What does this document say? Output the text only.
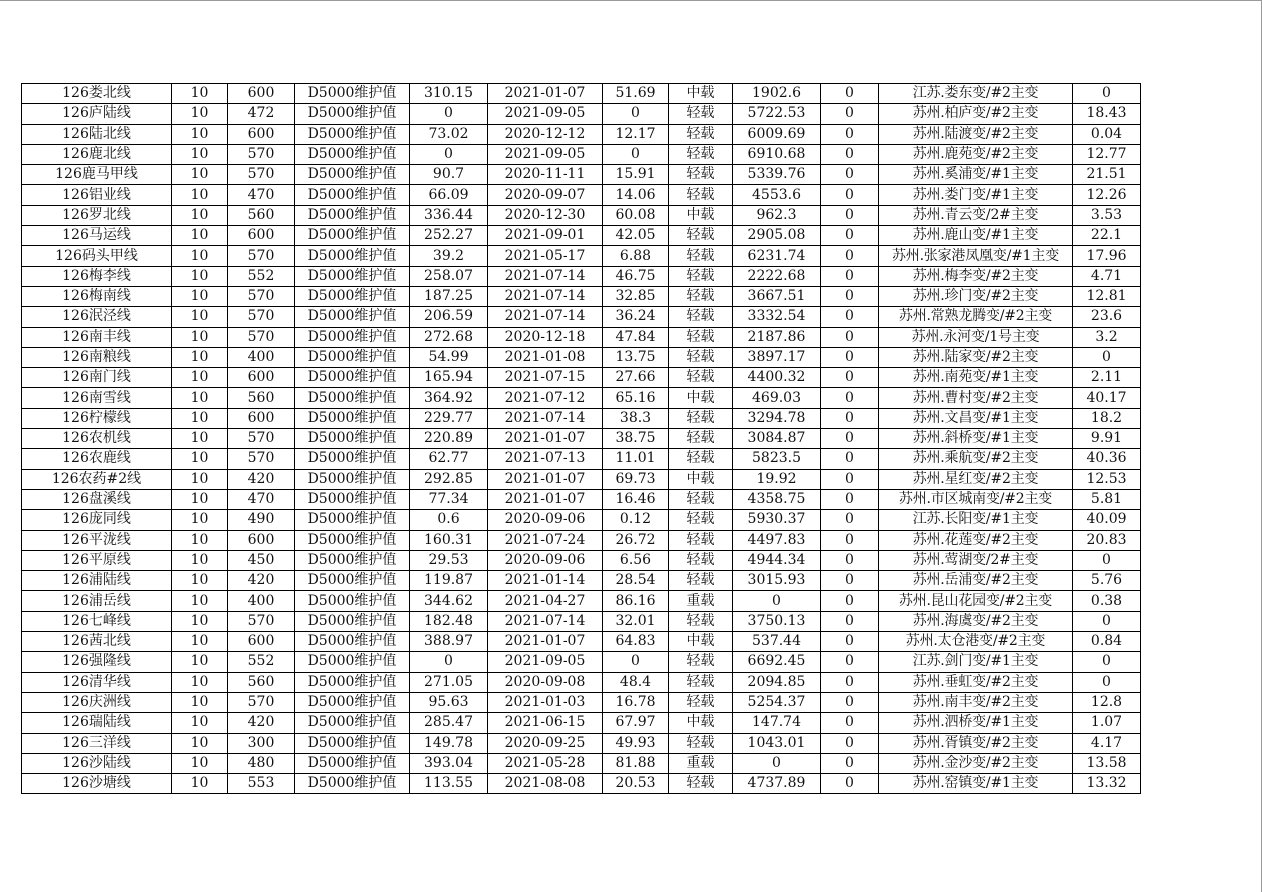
126娄北线	10	600	D5000维护值	310.15	2021-01-07	51.69	中载	1902.6	0	江苏.娄东变/#2主变	0
126庐陆线	10	472	D5000维护值	0	2021-09-05	0	轻载	5722.53	0	苏州.柏庐变/#2主变	18.43
126陆北线	10	600	D5000维护值	73.02	2020-12-12	12.17	轻载	6009.69	0	苏州.陆渡变/#2主变	0.04
126鹿北线	10	570	D5000维护值	0	2021-09-05	0	轻载	6910.68	0	苏州.鹿苑变/#2主变	12.77
126鹿马甲线	10	570	D5000维护值	90.7	2020-11-11	15.91	轻载	5339.76	0	苏州.奚浦变/#1主变	21.51
126铝业线	10	470	D5000维护值	66.09	2020-09-07	14.06	轻载	4553.6	0	苏州.娄门变/#1主变	12.26
126罗北线	10	560	D5000维护值	336.44	2020-12-30	60.08	中载	962.3	0	苏州.青云变/2#主变	3.53
126马运线	10	600	D5000维护值	252.27	2021-09-01	42.05	轻载	2905.08	0	苏州.鹿山变/#1主变	22.1
126码头甲线	10	570	D5000维护值	39.2	2021-05-17	6.88	轻载	6231.74	0	苏州.张家港凤凰变/#1主变	17.96
126梅李线	10	552	D5000维护值	258.07	2021-07-14	46.75	轻载	2222.68	0	苏州.梅李变/#2主变	4.71
126梅南线	10	570	D5000维护值	187.25	2021-07-14	32.85	轻载	3667.51	0	苏州.珍门变/#2主变	12.81
126泯泾线	10	570	D5000维护值	206.59	2021-07-14	36.24	轻载	3332.54	0	苏州.常熟龙腾变/#2主变	23.6
126南丰线	10	570	D5000维护值	272.68	2020-12-18	47.84	轻载	2187.86	0	苏州.永河变/1号主变	3.2
126南粮线	10	400	D5000维护值	54.99	2021-01-08	13.75	轻载	3897.17	0	苏州.陆家变/#2主变	0
126南门线	10	600	D5000维护值	165.94	2021-07-15	27.66	轻载	4400.32	0	苏州.南苑变/#1主变	2.11
126南雪线	10	560	D5000维护值	364.92	2021-07-12	65.16	中载	469.03	0	苏州.曹村变/#2主变	40.17
126柠檬线	10	600	D5000维护值	229.77	2021-07-14	38.3	轻载	3294.78	0	苏州.文昌变/#1主变	18.2
126农机线	10	570	D5000维护值	220.89	2021-01-07	38.75	轻载	3084.87	0	苏州.斜桥变/#1主变	9.91
126农鹿线	10	570	D5000维护值	62.77	2021-07-13	11.01	轻载	5823.5	0	苏州.乘航变/#2主变	40.36
126农药#2线	10	420	D5000维护值	292.85	2021-01-07	69.73	中载	19.92	0	苏州.星红变/#2主变	12.53
126盘溪线	10	470	D5000维护值	77.34	2021-01-07	16.46	轻载	4358.75	0	苏州.市区城南变/#2主变	5.81
126庞同线	10	490	D5000维护值	0.6	2020-09-06	0.12	轻载	5930.37	0	江苏.长阳变/#1主变	40.09
126平泷线	10	600	D5000维护值	160.31	2021-07-24	26.72	轻载	4497.83	0	苏州.花莲变/#2主变	20.83
126平原线	10	450	D5000维护值	29.53	2020-09-06	6.56	轻载	4944.34	0	苏州.莺湖变/2#主变	0
126浦陆线	10	420	D5000维护值	119.87	2021-01-14	28.54	轻载	3015.93	0	苏州.岳浦变/#2主变	5.76
126浦岳线	10	400	D5000维护值	344.62	2021-04-27	86.16	重载	0	0	苏州.昆山花园变/#2主变	0.38
126七峰线	10	570	D5000维护值	182.48	2021-07-14	32.01	轻载	3750.13	0	苏州.海虞变/#2主变	0
126茜北线	10	600	D5000维护值	388.97	2021-01-07	64.83	中载	537.44	0	苏州.太仓港变/#2主变	0.84
126强隆线	10	552	D5000维护值	0	2021-09-05	0	轻载	6692.45	0	江苏.剑门变/#1主变	0
126清华线	10	560	D5000维护值	271.05	2020-09-08	48.4	轻载	2094.85	0	苏州.垂虹变/#2主变	0
126庆洲线	10	570	D5000维护值	95.63	2021-01-03	16.78	轻载	5254.37	0	苏州.南丰变/#2主变	12.8
126瑞陆线	10	420	D5000维护值	285.47	2021-06-15	67.97	中载	147.74	0	苏州.泗桥变/#1主变	1.07
126三洋线	10	300	D5000维护值	149.78	2020-09-25	49.93	轻载	1043.01	0	苏州.胥镇变/#2主变	4.17
126沙陆线	10	480	D5000维护值	393.04	2021-05-28	81.88	重载	0	0	苏州.金沙变/#2主变	13.58
126沙塘线	10	553	D5000维护值	113.55	2021-08-08	20.53	轻载	4737.89	0	苏州.窑镇变/#1主变	13.32
